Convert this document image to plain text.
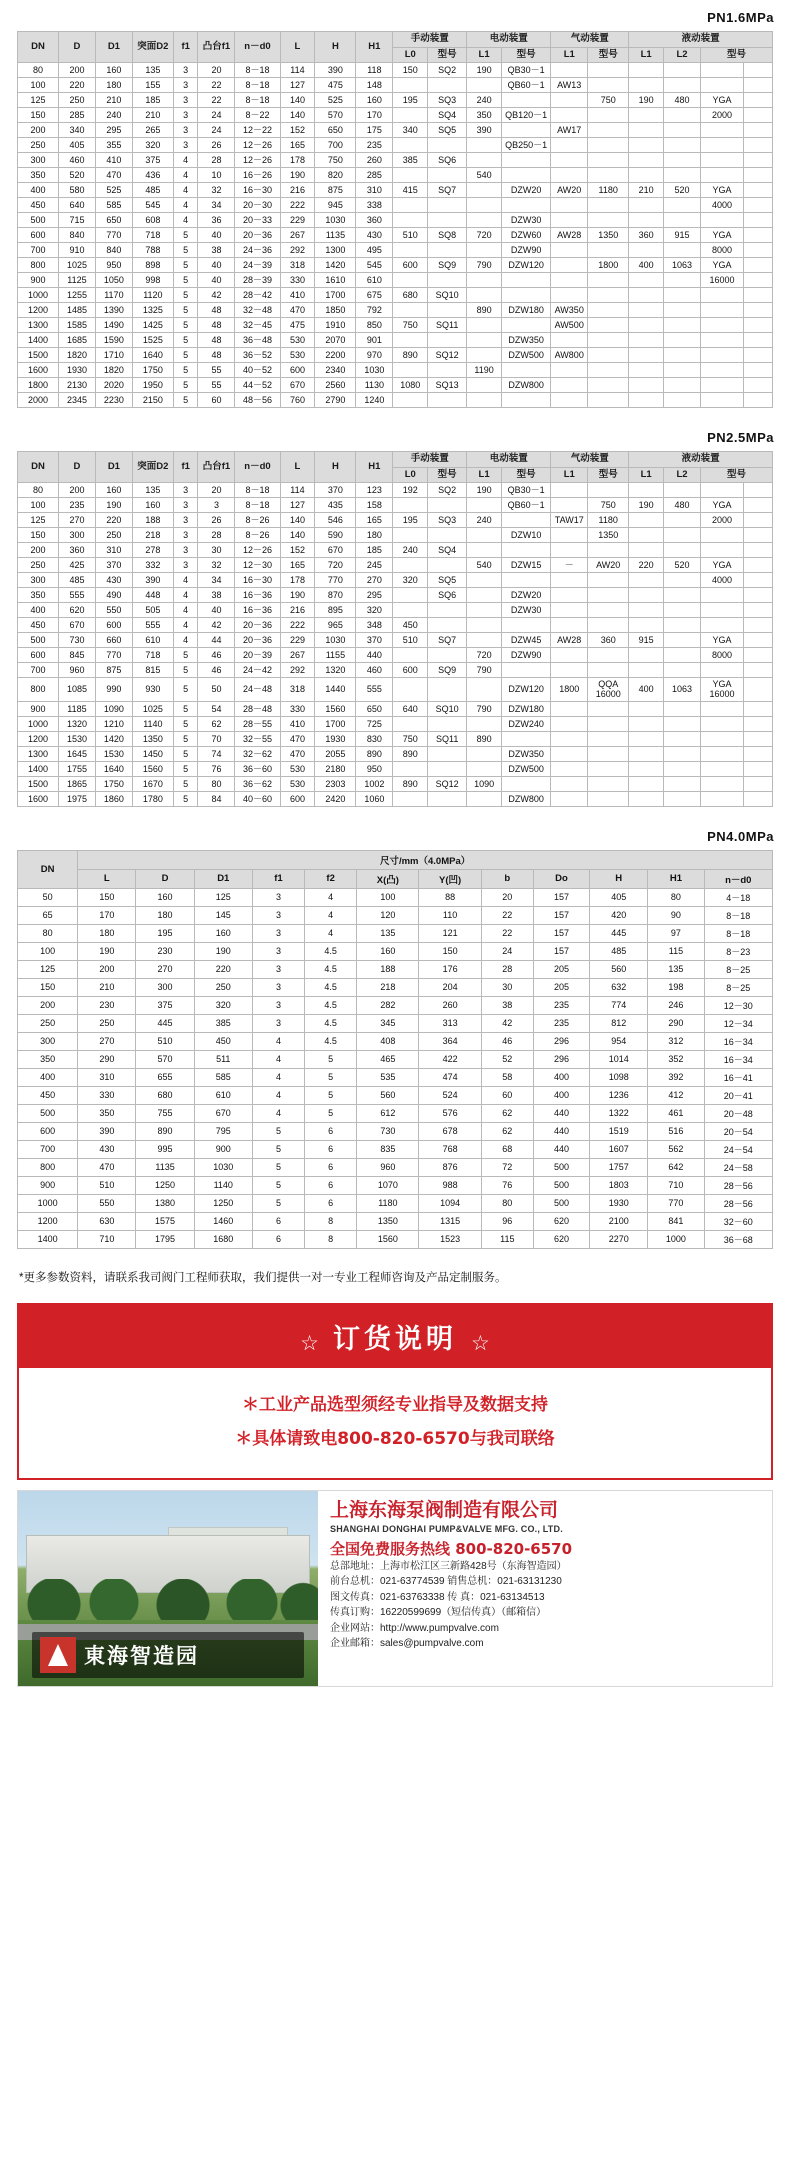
PN1.6MPa
DN	D	D1	突面D2	f1	凸台f1	n－d0	L	H	H1	手动装置		电动装置		气动装置		液动装置			
										L0	型号	L1	型号	L1	型号	L1	L2	型号	
80	200	160	135	3	20	8－18	114	390	118	150	SQ2	190	QB30－1						
100	220	180	155	3	22	8－18	127	475	148				QB60－1	AW13					
125	250	210	185	3	22	8－18	140	525	160	195	SQ3	240			750	190	480	YGA	
150	285	240	210	3	24	8－22	140	570	170		SQ4	350	QB120－1					2000	
200	340	295	265	3	24	12－22	152	650	175	340	SQ5	390		AW17					
250	405	355	320	3	26	12－26	165	700	235				QB250－1						
300	460	410	375	4	28	12－26	178	750	260	385	SQ6								
350	520	470	436	4	10	16－26	190	820	285			540							
400	580	525	485	4	32	16－30	216	875	310	415	SQ7		DZW20	AW20	1180	210	520	YGA	
450	640	585	545	4	34	20－30	222	945	338									4000	
500	715	650	608	4	36	20－33	229	1030	360				DZW30						
600	840	770	718	5	40	20－36	267	1135	430	510	SQ8	720	DZW60	AW28	1350	360	915	YGA	
700	910	840	788	5	38	24－36	292	1300	495				DZW90					8000	
800	1025	950	898	5	40	24－39	318	1420	545	600	SQ9	790	DZW120		1800	400	1063	YGA	
900	1125	1050	998	5	40	28－39	330	1610	610									16000	
1000	1255	1170	1120	5	42	28－42	410	1700	675	680	SQ10								
1200	1485	1390	1325	5	48	32－48	470	1850	792			890	DZW180	AW350					
1300	1585	1490	1425	5	48	32－45	475	1910	850	750	SQ11			AW500					
1400	1685	1590	1525	5	48	36－48	530	2070	901				DZW350						
1500	1820	1710	1640	5	48	36－52	530	2200	970	890	SQ12		DZW500	AW800					
1600	1930	1820	1750	5	55	40－52	600	2340	1030			1190							
1800	2130	2020	1950	5	55	44－52	670	2560	1130	1080	SQ13		DZW800						
2000	2345	2230	2150	5	60	48－56	760	2790	1240										
PN2.5MPa
DN	D	D1	突面D2	f1	凸台f1	n－d0	L	H	H1	手动装置		电动装置		气动装置		液动装置			
										L0	型号	L1	型号	L1	型号	L1	L2	型号	
80	200	160	135	3	20	8－18	114	370	123	192	SQ2	190	QB30－1						
100	235	190	160	3	3	8－18	127	435	158				QB60－1		750	190	480	YGA	
125	270	220	188	3	26	8－26	140	546	165	195	SQ3	240		TAW17	1180			2000	
150	300	250	218	3	28	8－26	140	590	180				DZW10		1350				
200	360	310	278	3	30	12－26	152	670	185	240	SQ4								
250	425	370	332	3	32	12－30	165	720	245			540	DZW15	－	AW20	220	520	YGA	
300	485	430	390	4	34	16－30	178	770	270	320	SQ5							4000	
350	555	490	448	4	38	16－36	190	870	295		SQ6		DZW20						
400	620	550	505	4	40	16－36	216	895	320				DZW30						
450	670	600	555	4	42	20－36	222	965	348	450									
500	730	660	610	4	44	20－36	229	1030	370	510	SQ7		DZW45	AW28	360	915		YGA	
600	845	770	718	5	46	20－39	267	1155	440			720	DZW90					8000	
700	960	875	815	5	46	24－42	292	1320	460	600	SQ9	790							
800	1085	990	930	5	50	24－48	318	1440	555				DZW120	1800	QQA 16000	400	1063	YGA 16000	
900	1185	1090	1025	5	54	28－48	330	1560	650	640	SQ10	790	DZW180						
1000	1320	1210	1140	5	62	28－55	410	1700	725				DZW240						
1200	1530	1420	1350	5	70	32－55	470	1930	830	750	SQ11	890							
1300	1645	1530	1450	5	74	32－62	470	2055	890	890			DZW350						
1400	1755	1640	1560	5	76	36－60	530	2180	950				DZW500						
1500	1865	1750	1670	5	80	36－62	530	2303	1002	890	SQ12	1090							
1600	1975	1860	1780	5	84	40－60	600	2420	1060				DZW800						
PN4.0MPa
DN	尺寸/mm（4.0MPa）											
	L	D	D1	f1	f2	X(凸)	Y(凹)	b	Do	H	H1	n－d0
50	150	160	125	3	4	100	88	20	157	405	80	4－18
65	170	180	145	3	4	120	110	22	157	420	90	8－18
80	180	195	160	3	4	135	121	22	157	445	97	8－18
100	190	230	190	3	4.5	160	150	24	157	485	115	8－23
125	200	270	220	3	4.5	188	176	28	205	560	135	8－25
150	210	300	250	3	4.5	218	204	30	205	632	198	8－25
200	230	375	320	3	4.5	282	260	38	235	774	246	12－30
250	250	445	385	3	4.5	345	313	42	235	812	290	12－34
300	270	510	450	4	4.5	408	364	46	296	954	312	16－34
350	290	570	511	4	5	465	422	52	296	1014	352	16－34
400	310	655	585	4	5	535	474	58	400	1098	392	16－41
450	330	680	610	4	5	560	524	60	400	1236	412	20－41
500	350	755	670	4	5	612	576	62	440	1322	461	20－48
600	390	890	795	5	6	730	678	62	440	1519	516	20－54
700	430	995	900	5	6	835	768	68	440	1607	562	24－54
800	470	1135	1030	5	6	960	876	72	500	1757	642	24－58
900	510	1250	1140	5	6	1070	988	76	500	1803	710	28－56
1000	550	1380	1250	5	6	1180	1094	80	500	1930	770	28－56
1200	630	1575	1460	6	8	1350	1315	96	620	2100	841	32－60
1400	710	1795	1680	6	8	1560	1523	115	620	2270	1000	36－68
*更多参数资料，请联系我司阀门工程师获取，我们提供一对一专业工程师咨询及产品定制服务。
☆ 订货说明 ☆
＊工业产品选型须经专业指导及数据支持
＊具体请致电800-820-6570与我司联络
東海智造园
上海东海泵阀制造有限公司
SHANGHAI DONGHAI PUMP&VALVE MFG. CO., LTD.
全国免费服务热线 800-820-6570
总部地址：上海市松江区三新路428号（东海智造园）
前台总机：021-63774539 销售总机：021-63131230
图文传真：021-63763338 传 真：021-63134513
传真订购：16220599699（短信传真）（邮箱信）
企业网站：http://www.pumpvalve.com
企业邮箱：sales@pumpvalve.com
